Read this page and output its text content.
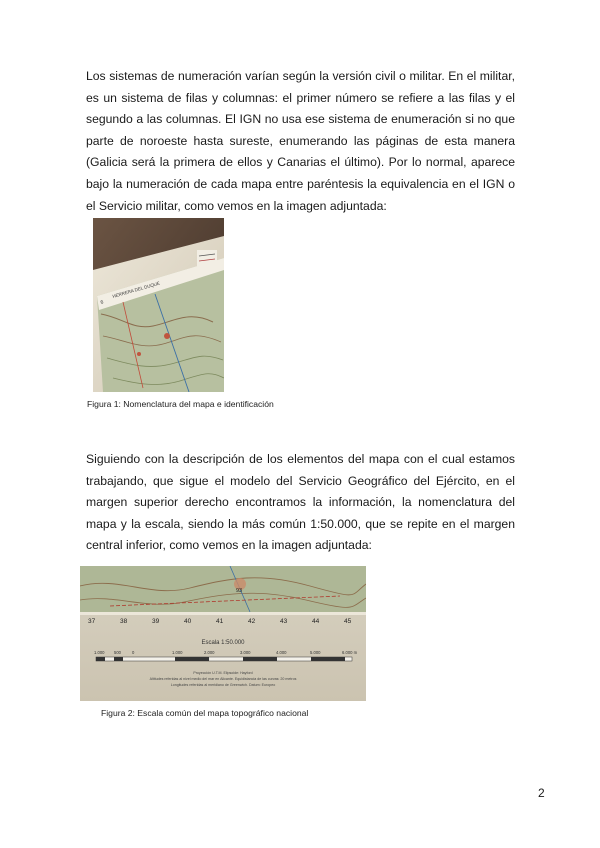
Los sistemas de numeración varían según la versión civil o militar. En el militar, es un sistema de filas y columnas: el primer número se refiere a las filas y el segundo a las columnas. El IGN no usa ese sistema de enumeración si no que parte de noroeste hasta sureste, enumerando las páginas de esta manera (Galicia será la primera de ellos y Canarias el último). Por lo normal, aparece bajo la numeración de cada mapa entre paréntesis la equivalencia en el IGN o el Servicio militar, como vemos en la imagen adjuntada:

HERRERA DEL DUQUE
6

Figura 1: Nomenclatura del mapa e identificación

Siguiendo con la descripción de los elementos del mapa con el cual estamos trabajando, que sigue el modelo del Servicio Geográfico del Ejército, en el margen superior derecho encontramos la información, la nomenclatura del mapa y la escala, siendo la más común 1:50.000, que se repite en el margen central inferior, como vemos en la imagen adjuntada:

93
37	38	39	40	41	42	43	44	45
Escala 1:50.000
1.000 500	0	1.000	2.000	3.000	4.000	5.000	6.000 m
Proyección U.T.M. Elipsoide: Hayford
Altitudes referidas al nivel medio del mar en Alicante. Equidistancia de las curvas: 20 metros
Longitudes referidas al meridiano de Greenwich. Datum: Europeo

Figura 2: Escala común del mapa topográfico nacional

2
